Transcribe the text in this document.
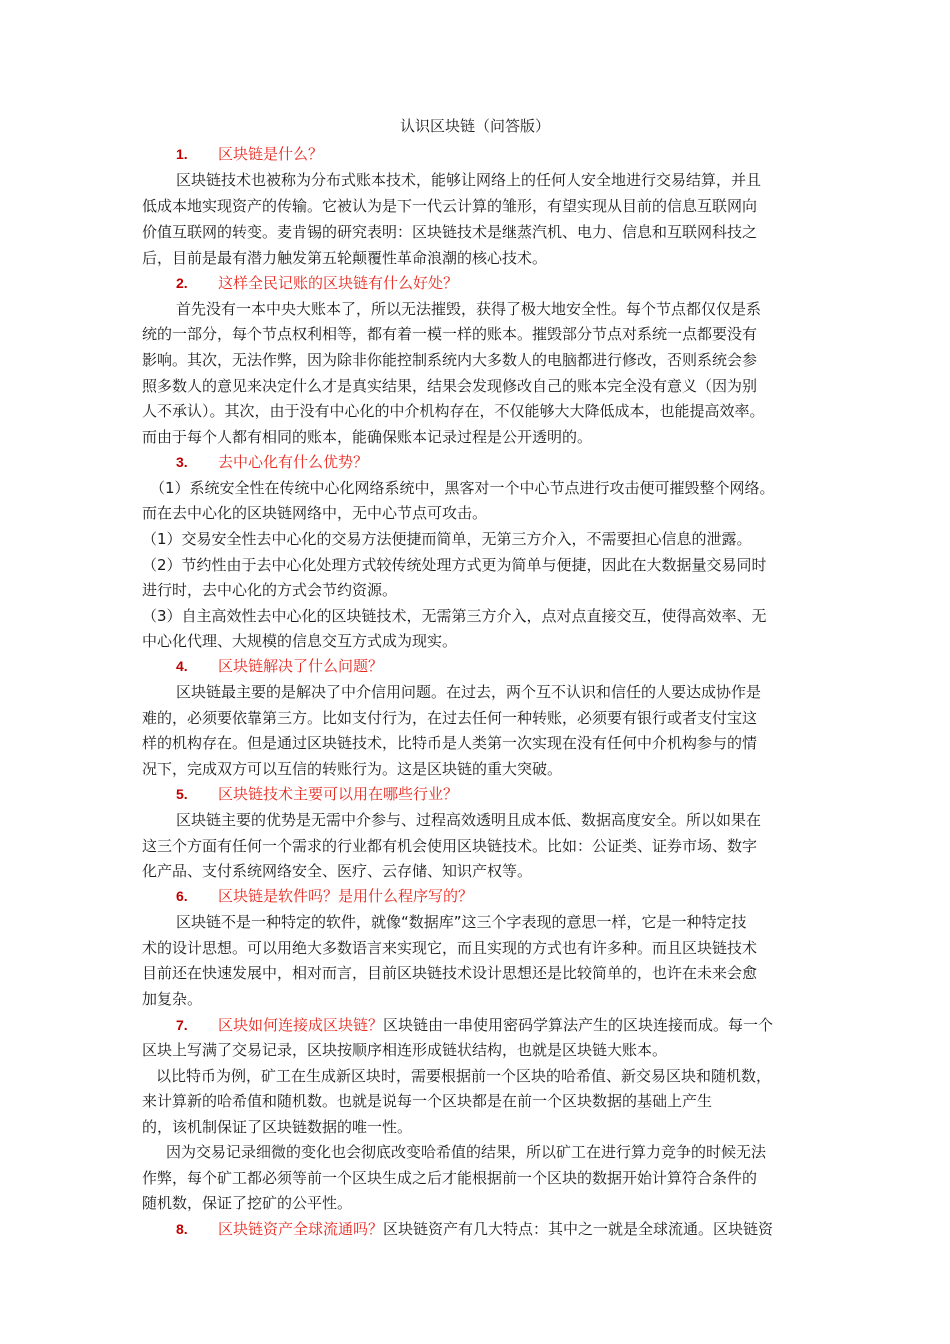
认识区块链（问答版）
1.	区块链是什么？
区块链技术也被称为分布式账本技术，能够让网络上的任何人安全地进行交易结算，并且
低成本地实现资产的传输。它被认为是下一代云计算的雏形，有望实现从目前的信息互联网向
价值互联网的转变。麦肯锡的研究表明：区块链技术是继蒸汽机、电力、信息和互联网科技之
后，目前是最有潜力触发第五轮颠覆性革命浪潮的核心技术。
2.	这样全民记账的区块链有什么好处？
首先没有一本中央大账本了，所以无法摧毁，获得了极大地安全性。每个节点都仅仅是系
统的一部分，每个节点权利相等，都有着一模一样的账本。摧毁部分节点对系统一点都要没有
影响。其次，无法作弊，因为除非你能控制系统内大多数人的电脑都进行修改，否则系统会参
照多数人的意见来决定什么才是真实结果，结果会发现修改自己的账本完全没有意义（因为别
人不承认）。其次，由于没有中心化的中介机构存在，不仅能够大大降低成本，也能提高效率。
而由于每个人都有相同的账本，能确保账本记录过程是公开透明的。
3.	去中心化有什么优势？
（1）系统安全性在传统中心化网络系统中，黑客对一个中心节点进行攻击便可摧毁整个网络。
而在去中心化的区块链网络中，无中心节点可攻击。
（1）交易安全性去中心化的交易方法便捷而简单，无第三方介入，不需要担心信息的泄露。
（2）节约性由于去中心化处理方式较传统处理方式更为简单与便捷，因此在大数据量交易同时
进行时，去中心化的方式会节约资源。
（3）自主高效性去中心化的区块链技术，无需第三方介入，点对点直接交互，使得高效率、无
中心化代理、大规模的信息交互方式成为现实。
4.	区块链解决了什么问题？
区块链最主要的是解决了中介信用问题。在过去，两个互不认识和信任的人要达成协作是
难的，必须要依靠第三方。比如支付行为，在过去任何一种转账，必须要有银行或者支付宝这
样的机构存在。但是通过区块链技术，比特币是人类第一次实现在没有任何中介机构参与的情
况下，完成双方可以互信的转账行为。这是区块链的重大突破。
5.	区块链技术主要可以用在哪些行业？
区块链主要的优势是无需中介参与、过程高效透明且成本低、数据高度安全。所以如果在
这三个方面有任何一个需求的行业都有机会使用区块链技术。比如：公证类、证券市场、数字
化产品、支付系统网络安全、医疗、云存储、知识产权等。
6.	区块链是软件吗？是用什么程序写的？
区块链不是一种特定的软件，就像“数据库”这三个字表现的意思一样，它是一种特定技
术的设计思想。可以用绝大多数语言来实现它，而且实现的方式也有许多种。而且区块链技术
目前还在快速发展中，相对而言，目前区块链技术设计思想还是比较简单的，也许在未来会愈
加复杂。
7.	区块如何连接成区块链？区块链由一串使用密码学算法产生的区块连接而成。每一个
区块上写满了交易记录，区块按顺序相连形成链状结构，也就是区块链大账本。
以比特币为例，矿工在生成新区块时，需要根据前一个区块的哈希值、新交易区块和随机数，
来计算新的哈希值和随机数。也就是说每一个区块都是在前一个区块数据的基础上产生
的，该机制保证了区块链数据的唯一性。
因为交易记录细微的变化也会彻底改变哈希值的结果，所以矿工在进行算力竞争的时候无法
作弊，每个矿工都必须等前一个区块生成之后才能根据前一个区块的数据开始计算符合条件的
随机数，保证了挖矿的公平性。
8.	区块链资产全球流通吗？区块链资产有几大特点：其中之一就是全球流通。区块链资
